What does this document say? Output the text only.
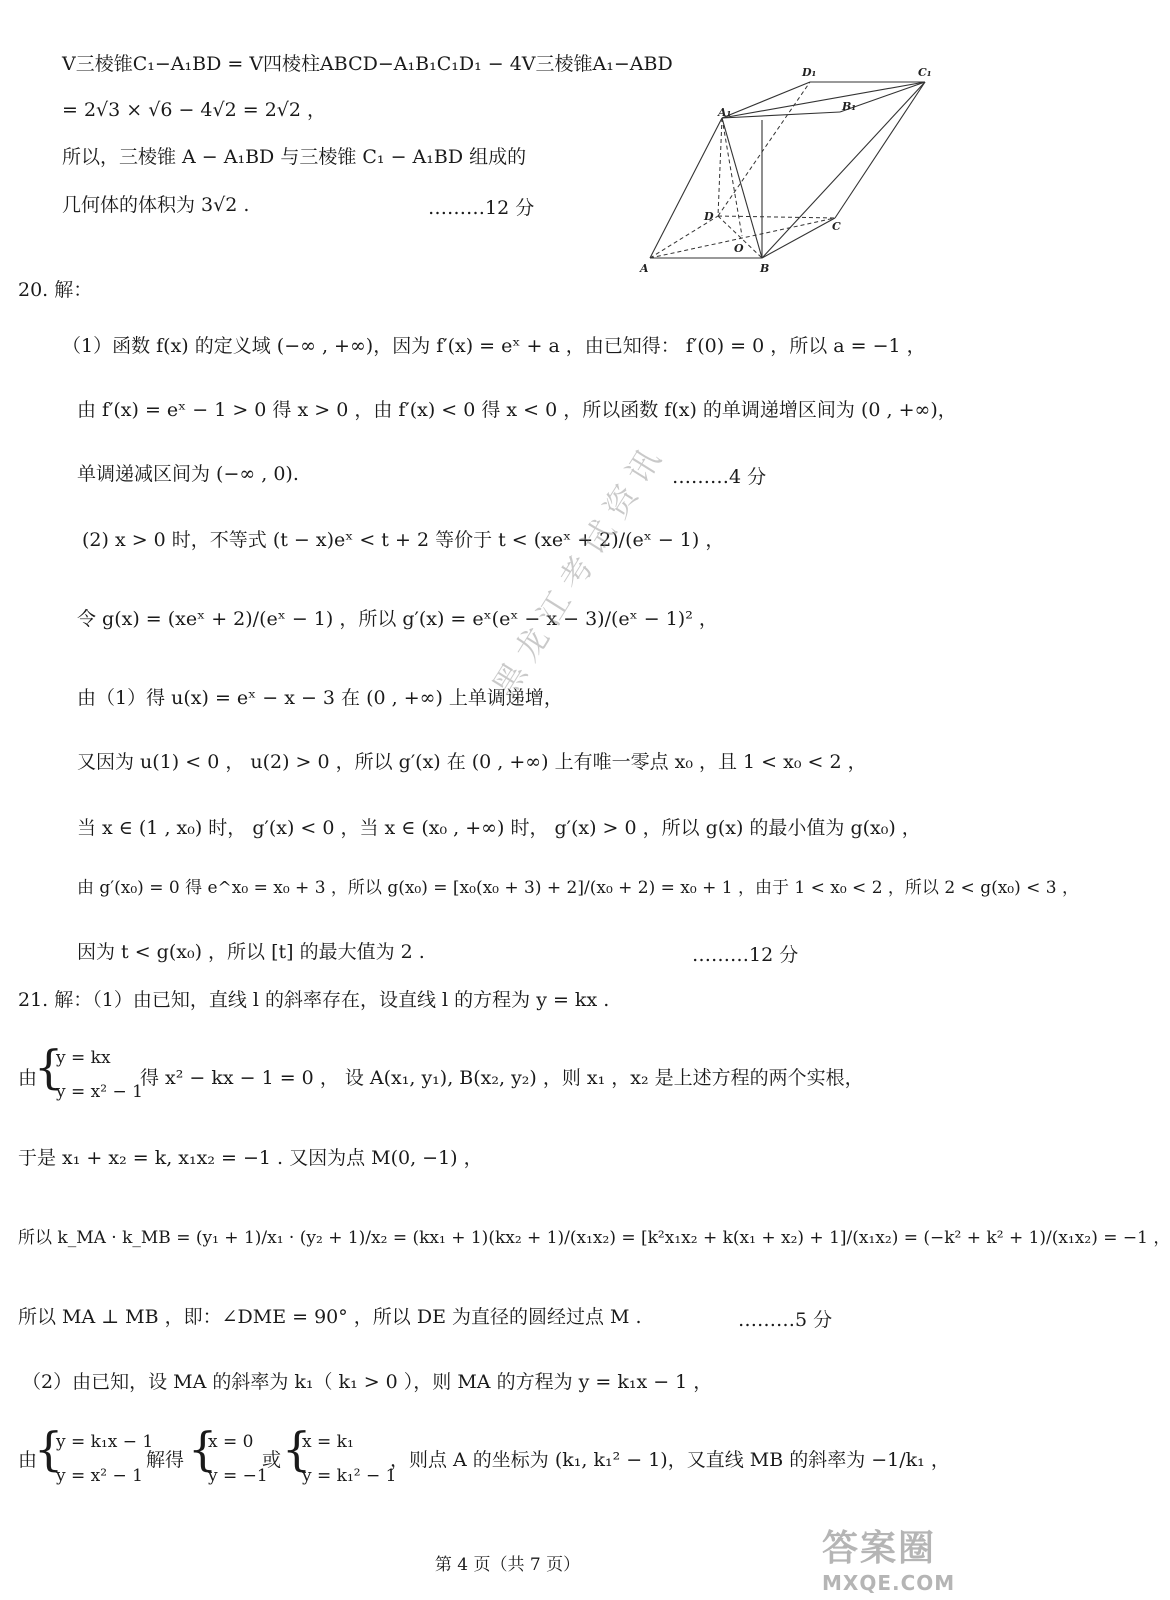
V三棱锥C₁−A₁BD = V四棱柱ABCD−A₁B₁C₁D₁ − 4V三棱锥A₁−ABD
= 2√3 × √6 − 4√2 = 2√2 ，
所以，三棱锥 A − A₁BD 与三棱锥 C₁ − A₁BD 组成的
几何体的体积为 3√2 .	………12 分
D₁	C₁
A₁	B₁
D
C
O
A	B
20. 解：
（1）函数 f(x) 的定义域 (−∞ , +∞)，因为 f′(x) = eˣ + a ，由已知得： f′(0) = 0 ，所以 a = −1 ，
由 f′(x) = eˣ − 1 > 0 得 x > 0 ，由 f′(x) < 0 得 x < 0 ，所以函数 f(x) 的单调递增区间为 (0 , +∞)，
单调递减区间为 (−∞ , 0).	………4 分
(2) x > 0 时，不等式 (t − x)eˣ < t + 2 等价于 t < (xeˣ + 2)/(eˣ − 1) ，
令 g(x) = (xeˣ + 2)/(eˣ − 1) ，所以 g′(x) = eˣ(eˣ − x − 3)/(eˣ − 1)² ，
由（1）得 u(x) = eˣ − x − 3 在 (0 , +∞) 上单调递增，
又因为 u(1) < 0 ， u(2) > 0 ，所以 g′(x) 在 (0 , +∞) 上有唯一零点 x₀ ，且 1 < x₀ < 2 ，
当 x ∈ (1 , x₀) 时， g′(x) < 0 ，当 x ∈ (x₀ , +∞) 时， g′(x) > 0 ，所以 g(x) 的最小值为 g(x₀) ，
由 g′(x₀) = 0 得 e^x₀ = x₀ + 3 ，所以 g(x₀) = [x₀(x₀ + 3) + 2]/(x₀ + 2) = x₀ + 1 ，由于 1 < x₀ < 2 ，所以 2 < g(x₀) < 3 ，
因为 t < g(x₀) ，所以 [t] 的最大值为 2 .	………12 分
21. 解：（1）由已知，直线 l 的斜率存在，设直线 l 的方程为 y = kx .
由
{
y = kx
y = x² − 1
得 x² − kx − 1 = 0 ， 设 A(x₁, y₁), B(x₂, y₂) ，则 x₁ ，x₂ 是上述方程的两个实根，
于是 x₁ + x₂ = k, x₁x₂ = −1 . 又因为点 M(0, −1) ，
所以 k_MA · k_MB = (y₁ + 1)/x₁ · (y₂ + 1)/x₂ = (kx₁ + 1)(kx₂ + 1)/(x₁x₂) = [k²x₁x₂ + k(x₁ + x₂) + 1]/(x₁x₂) = (−k² + k² + 1)/(x₁x₂) = −1 ，
所以 MA ⊥ MB ，即：∠DME = 90° ，所以 DE 为直径的圆经过点 M .	………5 分
（2）由已知，设 MA 的斜率为 k₁（ k₁ > 0 ），则 MA 的方程为 y = k₁x − 1 ，
由
{
y = k₁x − 1
y = x² − 1
解得 {
x = 0
y = −1
或 {
x = k₁
y = k₁² − 1
，则点 A 的坐标为 (k₁, k₁² − 1)，又直线 MB 的斜率为 −1/k₁ ，
黑龙江考试资讯
第 4 页（共 7 页）	答案圈
MXQE.COM
